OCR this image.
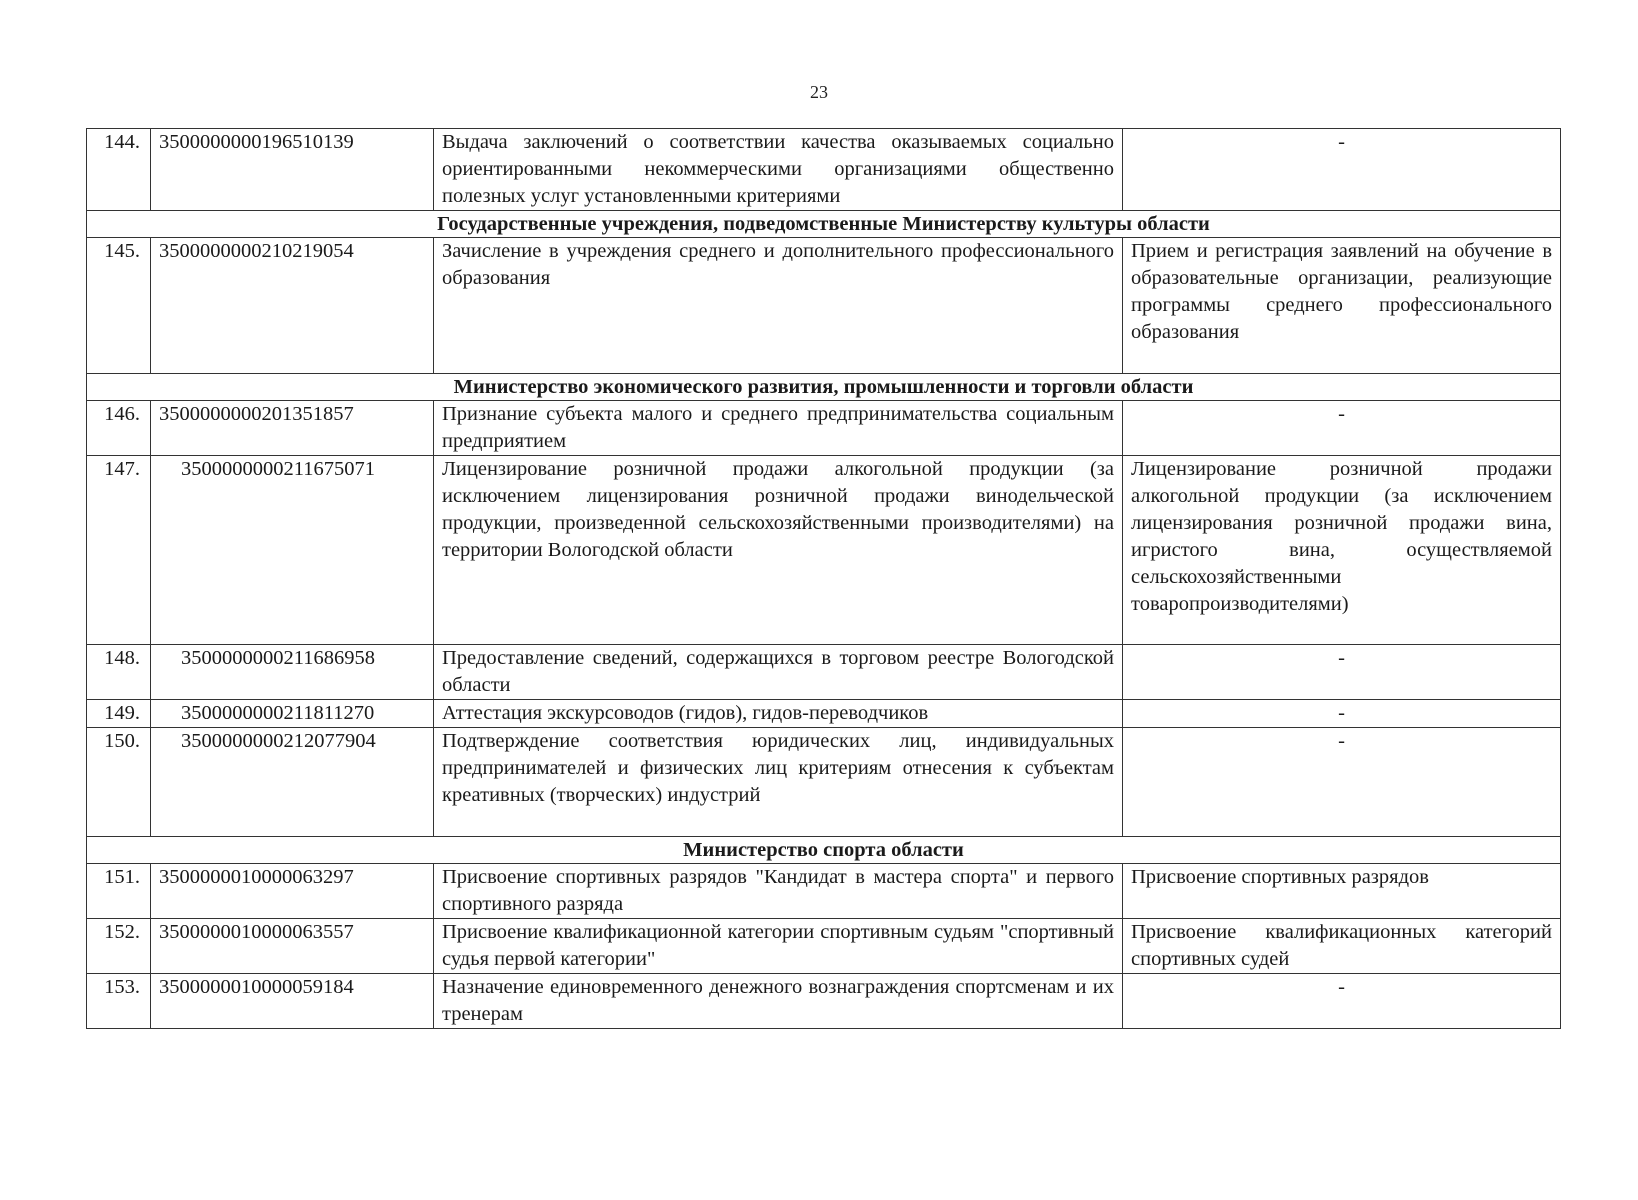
23
144.	3500000000196510139	Выдача заключений о соответствии качества оказываемых социально ориентированными некоммерческими организациями общественно полезных услуг установленными критериями	-
Государственные учреждения, подведомственные Министерству культуры области			
145.	3500000000210219054	Зачисление в учреждения среднего и дополнительного профессионального образования	Прием и регистрация заявлений на обучение в образовательные организации, реализующие программы среднего профессионального образования
Министерство экономического развития, промышленности и торговли области			
146.	3500000000201351857	Признание субъекта малого и среднего предпринимательства социальным предприятием	-
147.	3500000000211675071	Лицензирование розничной продажи алкогольной продукции (за исключением лицензирования розничной продажи винодельческой продукции, произведенной сельскохозяйственными производителями) на территории Вологодской области	Лицензирование розничной продажи алкогольной продукции (за исключением лицензирования розничной продажи вина, игристого вина, осуществляемой сельскохозяйственными товаропроизводителями)
148.	3500000000211686958	Предоставление сведений, содержащихся в торговом реестре Вологодской области	-
149.	3500000000211811270	Аттестация экскурсоводов (гидов), гидов-переводчиков	-
150.	3500000000212077904	Подтверждение соответствия юридических лиц, индивидуальных предпринимателей и физических лиц критериям отнесения к субъектам креативных (творческих) индустрий	-
Министерство спорта области			
151.	3500000010000063297	Присвоение спортивных разрядов "Кандидат в мастера спорта" и первого спортивного разряда	Присвоение спортивных разрядов
152.	3500000010000063557	Присвоение квалификационной категории спортивным судьям "спортивный судья первой категории"	Присвоение квалификационных категорий спортивных судей
153.	3500000010000059184	Назначение единовременного денежного вознаграждения спортсменам и их тренерам	-
